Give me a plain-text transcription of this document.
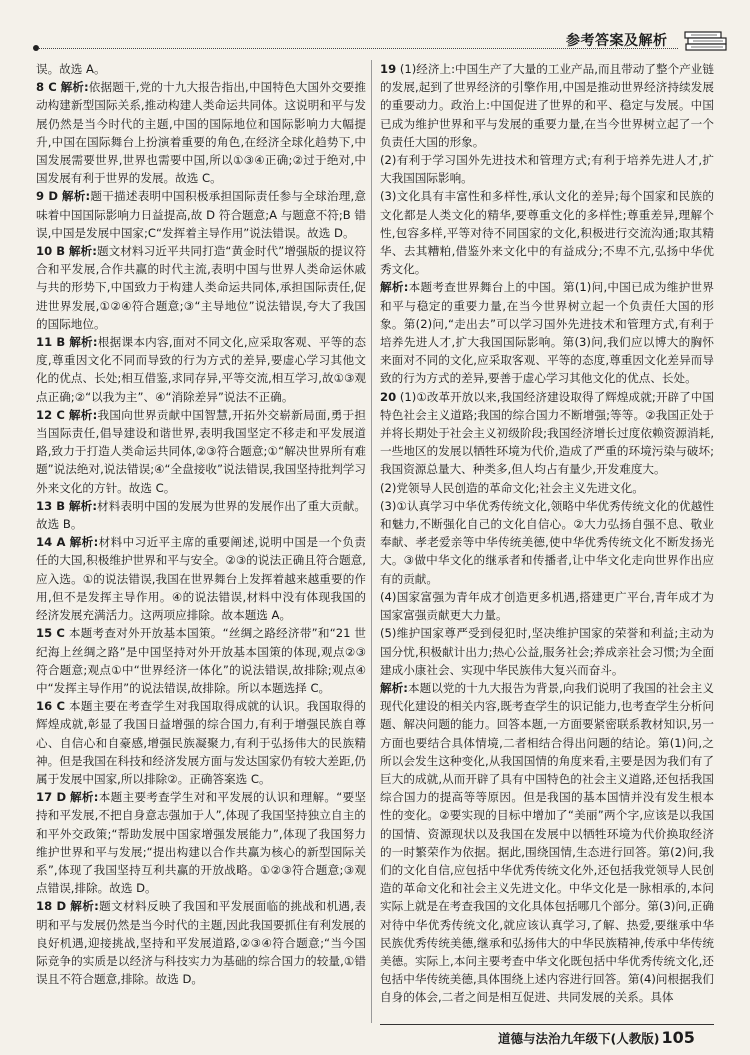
参考答案及解析

误。故选 A。

8 C 解析:依据题干,党的十九大报告指出,中国特色大国外交要推动构建新型国际关系,推动构建人类命运共同体。这说明和平与发展仍然是当今时代的主题,中国的国际地位和国际影响力大幅提升,中国在国际舞台上扮演着重要的角色,在经济全球化趋势下,中国发展需要世界,世界也需要中国,所以①③④正确;②过于绝对,中国发展有利于世界的发展。故选 C。

9 D 解析:题干描述表明中国积极承担国际责任参与全球治理,意味着中国国际影响力日益提高,故 D 符合题意;A 与题意不符;B 错误,中国是发展中国家;C“发挥着主导作用”说法错误。故选 D。

10 B 解析:题文材料习近平共同打造“黄金时代”增强版的提议符合和平发展,合作共赢的时代主流,表明中国与世界人类命运休戚与共的形势下,中国致力于构建人类命运共同体,承担国际责任,促进世界发展,①②④符合题意;③“主导地位”说法错误,夸大了我国的国际地位。

11 B 解析:根据课本内容,面对不同文化,应采取客观、平等的态度,尊重因文化不同而导致的行为方式的差异,要虚心学习其他文化的优点、长处;相互借鉴,求同存异,平等交流,相互学习,故①③观点正确;②“以我为主”、④“消除差异”说法不正确。

12 C 解析:我国向世界贡献中国智慧,开拓外交崭新局面,勇于担当国际责任,倡导建设和谐世界,表明我国坚定不移走和平发展道路,致力于打造人类命运共同体,②③符合题意;①“解决世界所有难题”说法绝对,说法错误;④“全盘接收”说法错误,我国坚持批判学习外来文化的方针。故选 C。

13 B 解析:材料表明中国的发展为世界的发展作出了重大贡献。故选 B。

14 A 解析:材料中习近平主席的重要阐述,说明中国是一个负责任的大国,积极维护世界和平与安全。②③的说法正确且符合题意,应入选。①的说法错误,我国在世界舞台上发挥着越来越重要的作用,但不是发挥主导作用。④的说法错误,材料中没有体现我国的经济发展充满活力。这两项应排除。故本题选 A。

15 C 本题考查对外开放基本国策。“丝绸之路经济带”和“21 世纪海上丝绸之路”是中国坚持对外开放基本国策的体现,观点②③符合题意;观点①中“世界经济一体化”的说法错误,故排除;观点④中“发挥主导作用”的说法错误,故排除。所以本题选择 C。

16 C 本题主要在考查学生对我国取得成就的认识。我国取得的辉煌成就,彰显了我国日益增强的综合国力,有利于增强民族自尊心、自信心和自豪感,增强民族凝聚力,有利于弘扬伟大的民族精神。但是我国在科技和经济发展方面与发达国家仍有较大差距,仍属于发展中国家,所以排除②。正确答案选 C。

17 D 解析:本题主要考查学生对和平发展的认识和理解。“要坚持和平发展,不把自身意志强加于人”,体现了我国坚持独立自主的和平外交政策;“帮助发展中国家增强发展能力”,体现了我国努力维护世界和平与发展;“提出构建以合作共赢为核心的新型国际关系”,体现了我国坚持互利共赢的开放战略。①②③符合题意;③观点错误,排除。故选 D。

18 D 解析:题文材料反映了我国和平发展面临的挑战和机遇,表明和平与发展仍然是当今时代的主题,因此我国要抓住有利发展的良好机遇,迎接挑战,坚持和平发展道路,②③④符合题意;“当今国际竞争的实质是以经济与科技实力为基础的综合国力的较量,①错误且不符合题意,排除。故选 D。

19 (1)经济上:中国生产了大量的工业产品,而且带动了整个产业链的发展,起到了世界经济的引擎作用,中国是推动世界经济持续发展的重要动力。政治上:中国促进了世界的和平、稳定与发展。中国已成为维护世界和平与发展的重要力量,在当今世界树立起了一个负责任大国的形象。

(2)有利于学习国外先进技术和管理方式;有利于培养先进人才,扩大我国国际影响。

(3)文化具有丰富性和多样性,承认文化的差异;每个国家和民族的文化都是人类文化的精华,要尊重文化的多样性;尊重差异,理解个性,包容多样,平等对待不同国家的文化,积极进行交流沟通;取其精华、去其糟粕,借鉴外来文化中的有益成分;不卑不亢,弘扬中华优秀文化。

解析:本题考查世界舞台上的中国。第(1)问,中国已成为维护世界和平与稳定的重要力量,在当今世界树立起一个负责任大国的形象。第(2)问,“走出去”可以学习国外先进技术和管理方式,有利于培养先进人才,扩大我国国际影响。第(3)问,我们应以博大的胸怀来面对不同的文化,应采取客观、平等的态度,尊重因文化差异而导致的行为方式的差异,要善于虚心学习其他文化的优点、长处。

20 (1)①改革开放以来,我国经济建设取得了辉煌成就;开辟了中国特色社会主义道路;我国的综合国力不断增强;等等。②我国正处于并将长期处于社会主义初级阶段;我国经济增长过度依赖资源消耗,一些地区的发展以牺牲环境为代价,造成了严重的环境污染与破坏;我国资源总量大、种类多,但人均占有量少,开发难度大。

(2)党领导人民创造的革命文化;社会主义先进文化。

(3)①认真学习中华优秀传统文化,领略中华优秀传统文化的优越性和魅力,不断强化自己的文化自信心。②大力弘扬自强不息、敬业奉献、孝老爱亲等中华传统美德,使中华优秀传统文化不断发扬光大。③做中华文化的继承者和传播者,让中华文化走向世界作出应有的贡献。

(4)国家富强为青年成才创造更多机遇,搭建更广平台,青年成才为国家富强贡献更大力量。

(5)维护国家尊严受到侵犯时,坚决维护国家的荣誉和利益;主动为国分忧,积极献计出力;热心公益,服务社会;养成亲社会习惯;为全面建成小康社会、实现中华民族伟大复兴而奋斗。

解析:本题以党的十九大报告为背景,向我们说明了我国的社会主义现代化建设的相关内容,既考查学生的识记能力,也考查学生分析问题、解决问题的能力。回答本题,一方面要紧密联系教材知识,另一方面也要结合具体情境,二者相结合得出问题的结论。第(1)问,之所以会发生这种变化,从我国国情的角度来看,主要是因为我们有了巨大的成就,从而开辟了具有中国特色的社会主义道路,还包括我国综合国力的提高等等原因。但是我国的基本国情并没有发生根本性的变化。②要实现的目标中增加了“美丽”两个字,应该是以我国的国情、资源现状以及我国在发展中以牺牲环境为代价换取经济的一时繁荣作为依据。据此,围绕国情,生态进行回答。第(2)问,我们的文化自信,应包括中华优秀传统文化外,还包括我党领导人民创造的革命文化和社会主义先进文化。中华文化是一脉相承的,本问实际上就是在考查我国的文化具体包括哪几个部分。第(3)问,正确对待中华优秀传统文化,就应该认真学习,了解、热爱,要继承中华民族优秀传统美德,继承和弘扬伟大的中华民族精神,传承中华传统美德。实际上,本问主要考查中华文化既包括中华优秀传统文化,还包括中华传统美德,具体围绕上述内容进行回答。第(4)问根据我们自身的体会,二者之间是相互促进、共同发展的关系。具体

道德与法治九年级下(人教版) 105
